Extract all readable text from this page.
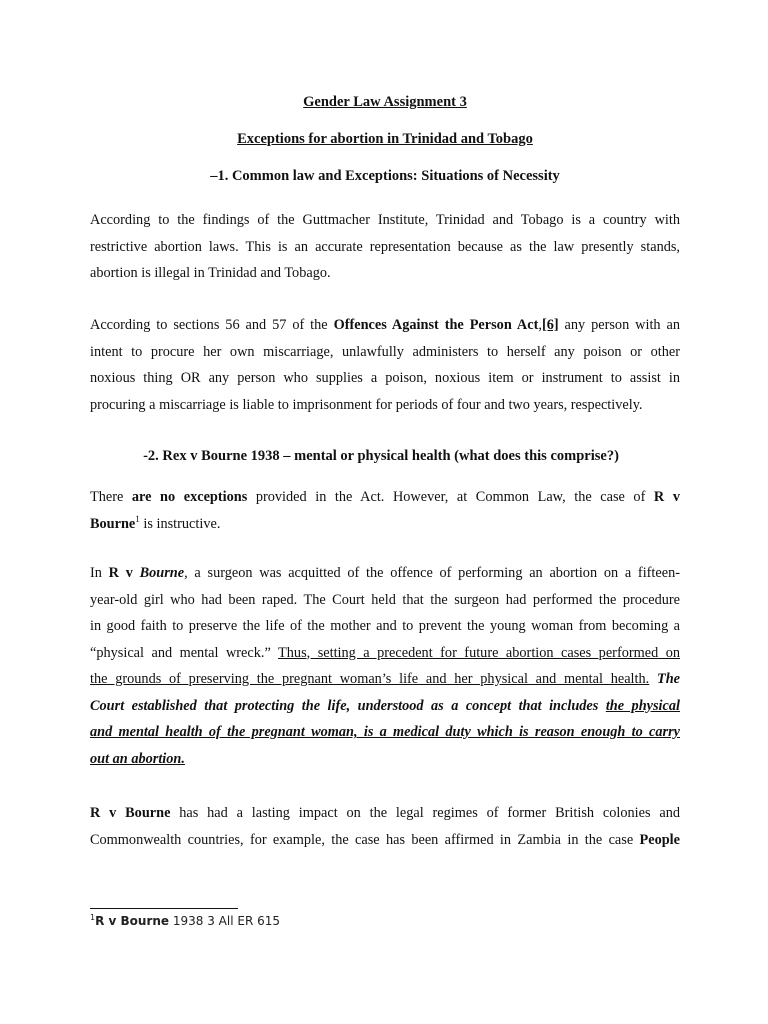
Gender Law Assignment 3
Exceptions for abortion in Trinidad and Tobago
–1. Common law and Exceptions: Situations of Necessity
According to the findings of the Guttmacher Institute, Trinidad and Tobago is a country with
restrictive abortion laws. This is an accurate representation because as the law presently stands,
abortion is illegal in Trinidad and Tobago.
According to sections 56 and 57 of the Offences Against the Person Act,[6] any person with an
intent to procure her own miscarriage, unlawfully administers to herself any poison or other
noxious thing OR any person who supplies a poison, noxious item or instrument to assist in
procuring a miscarriage is liable to imprisonment for periods of four and two years, respectively.
-2. Rex v Bourne 1938 – mental or physical health (what does this comprise?)
There are no exceptions provided in the Act. However, at Common Law, the case of R v
Bourne$^1$ is instructive.
In R v Bourne, a surgeon was acquitted of the offence of performing an abortion on a fifteen-
year-old girl who had been raped. The Court held that the surgeon had performed the procedure
in good faith to preserve the life of the mother and to prevent the young woman from becoming a
“physical and mental wreck.” Thus, setting a precedent for future abortion cases performed on
the grounds of preserving the pregnant woman’s life and her physical and mental health. The
Court established that protecting the life, understood as a concept that includes the physical
and mental health of the pregnant woman, is a medical duty which is reason enough to carry
out an abortion.
R v Bourne has had a lasting impact on the legal regimes of former British colonies and
Commonwealth countries, for example, the case has been affirmed in Zambia in the case People
$^1$R v Bourne 1938 3 All ER 615
